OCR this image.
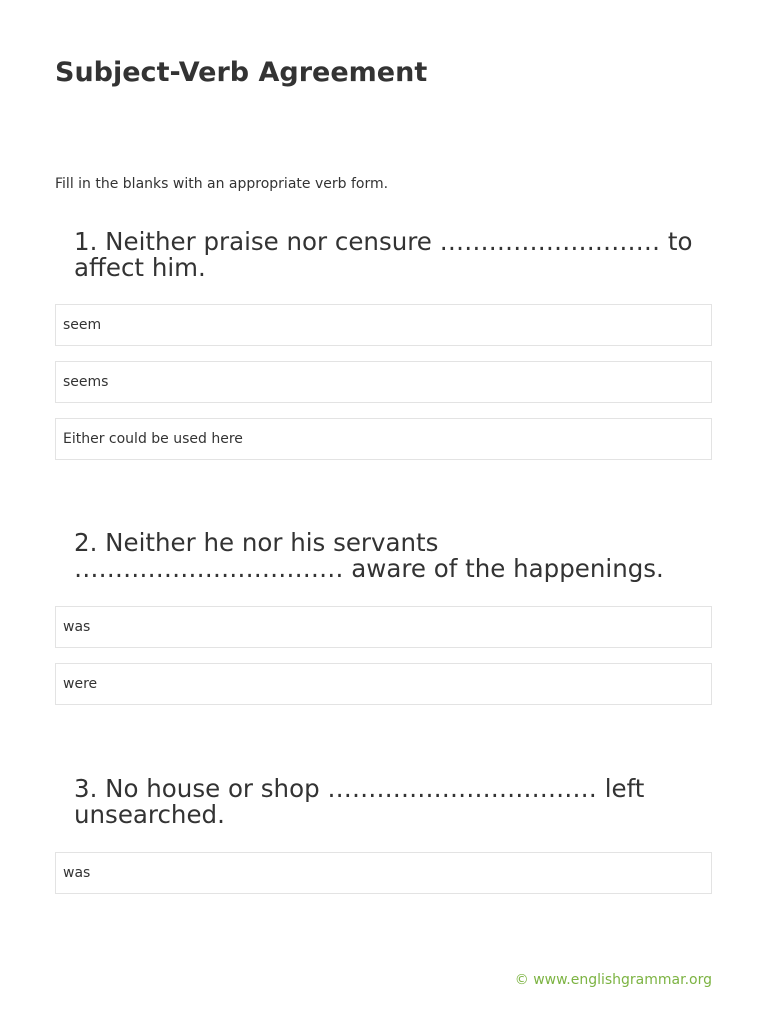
Subject-Verb Agreement
Fill in the blanks with an appropriate verb form.
1. Neither praise nor censure ……………………… to affect him.
seem
seems
Either could be used here
2. Neither he nor his servants …………………………… aware of the happenings.
was
were
3. No house or shop …………………………… left unsearched.
was
© www.englishgrammar.org
